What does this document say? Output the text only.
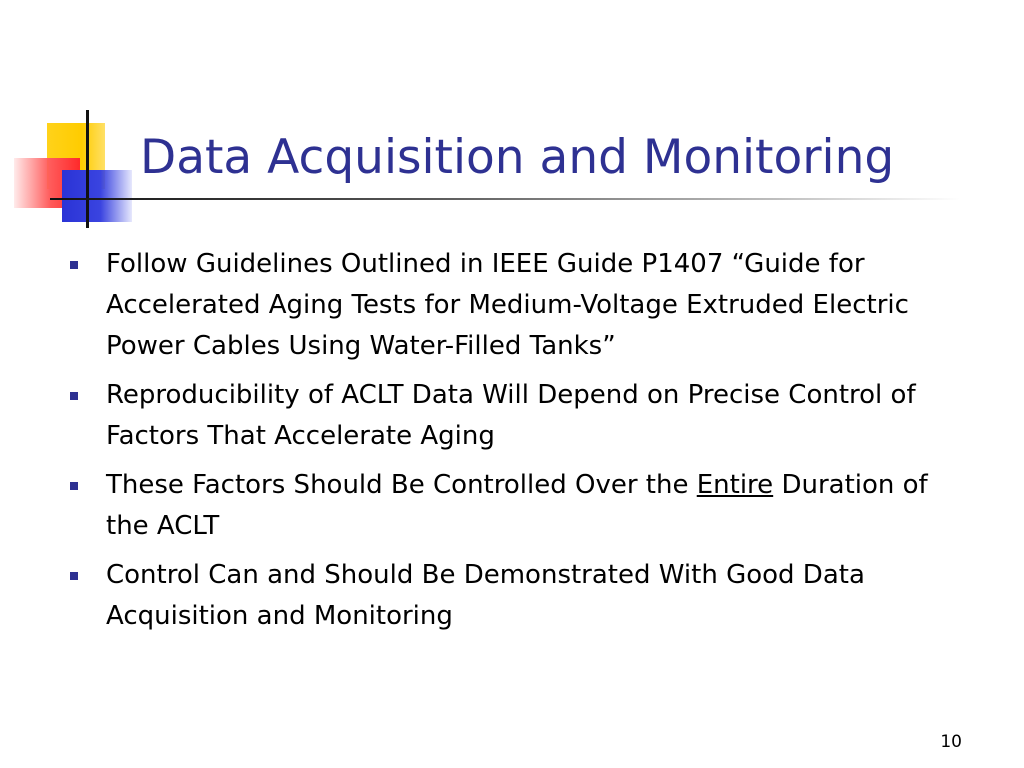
Data Acquisition and Monitoring
Follow Guidelines Outlined in IEEE Guide P1407 “Guide for Accelerated Aging Tests for Medium-Voltage Extruded Electric Power Cables Using Water-Filled Tanks”
Reproducibility of ACLT Data Will Depend on Precise Control of Factors That Accelerate Aging
These Factors Should Be Controlled Over the Entire Duration of the ACLT
Control Can and Should Be Demonstrated With Good Data Acquisition and Monitoring
10
